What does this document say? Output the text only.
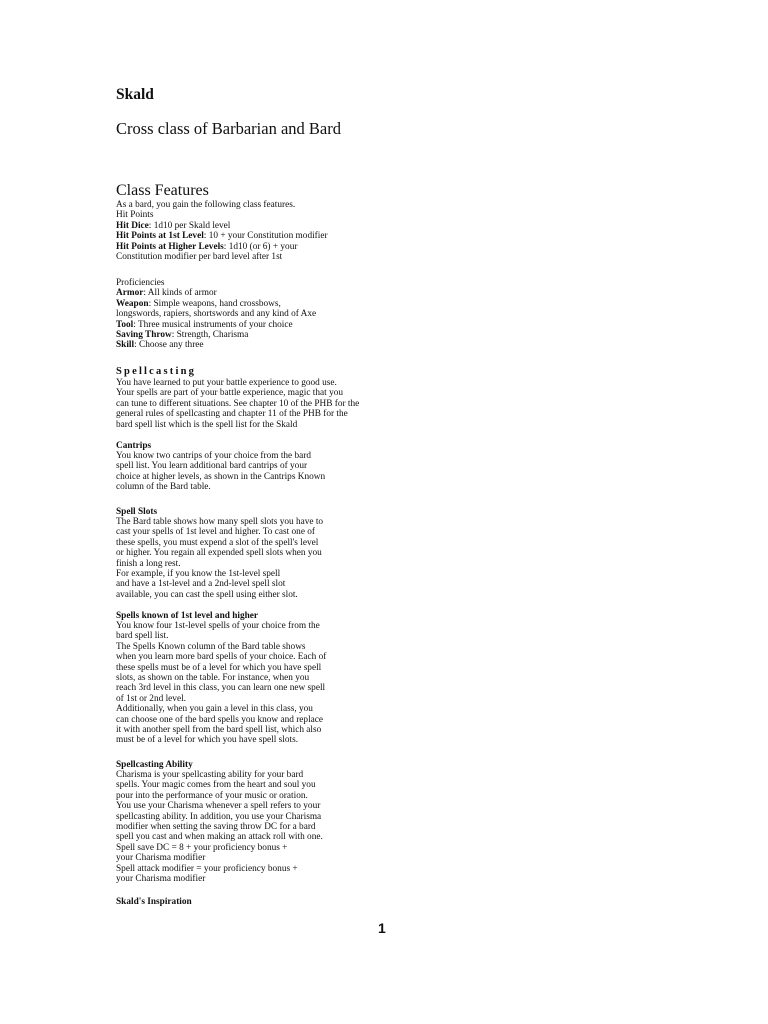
Skald
Cross class of Barbarian and Bard
Class Features
As a bard, you gain the following class features.
Hit Points
Hit Dice: 1d10 per Skald level
Hit Points at 1st Level: 10 + your Constitution modifier
Hit Points at Higher Levels: 1d10 (or 6) + your
Constitution modifier per bard level after 1st
Proficiencies
Armor: All kinds of armor
Weapon: Simple weapons, hand crossbows,
longswords, rapiers, shortswords and any kind of Axe
Tool: Three musical instruments of your choice
Saving Throw: Strength, Charisma
Skill: Choose any three
Spellcasting
You have learned to put your battle experience to good use.
Your spells are part of your battle experience, magic that you
can tune to different situations. See chapter 10 of the PHB for the
general rules of spellcasting and chapter 11 of the PHB for the
bard spell list which is the spell list for the Skald
Cantrips
You know two cantrips of your choice from the bard
spell list. You learn additional bard cantrips of your
choice at higher levels, as shown in the Cantrips Known
column of the Bard table.
Spell Slots
The Bard table shows how many spell slots you have to
cast your spells of 1st level and higher. To cast one of
these spells, you must expend a slot of the spell's level
or higher. You regain all expended spell slots when you
finish a long rest.
For example, if you know the 1st-level spell
and have a 1st-level and a 2nd-level spell slot
available, you can cast the spell using either slot.
Spells known of 1st level and higher
You know four 1st-level spells of your choice from the
bard spell list.
The Spells Known column of the Bard table shows
when you learn more bard spells of your choice. Each of
these spells must be of a level for which you have spell
slots, as shown on the table. For instance, when you
reach 3rd level in this class, you can learn one new spell
of 1st or 2nd level.
Additionally, when you gain a level in this class, you
can choose one of the bard spells you know and replace
it with another spell from the bard spell list, which also
must be of a level for which you have spell slots.
Spellcasting Ability
Charisma is your spellcasting ability for your bard
spells. Your magic comes from the heart and soul you
pour into the performance of your music or oration.
You use your Charisma whenever a spell refers to your
spellcasting ability. In addition, you use your Charisma
modifier when setting the saving throw DC for a bard
spell you cast and when making an attack roll with one.
Spell save DC = 8 + your proficiency bonus +
your Charisma modifier
Spell attack modifier = your proficiency bonus +
your Charisma modifier
Skald's Inspiration
1
